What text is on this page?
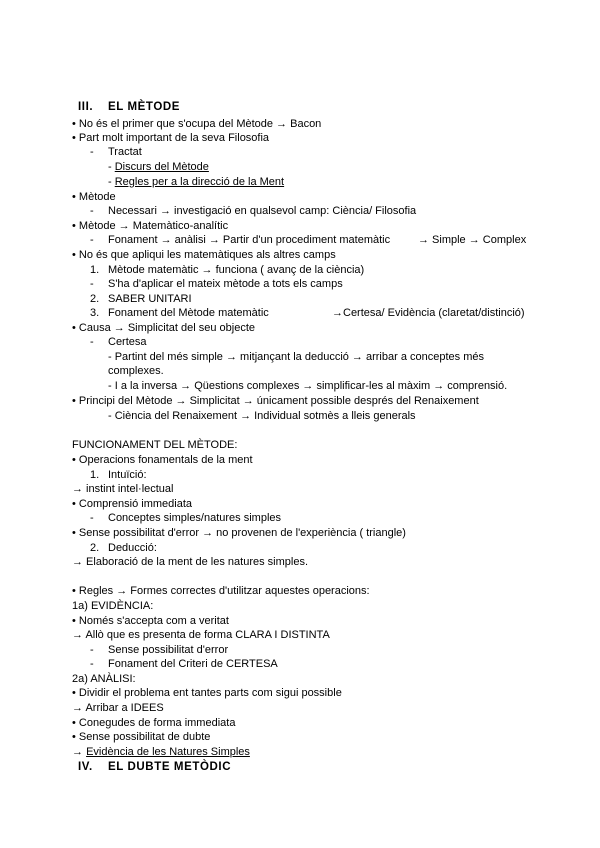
III. EL MÈTODE
• No és el primer que s'ocupa del Mètode → Bacon
• Part molt important de la seva Filosofia
- Tractat
- Discurs del Mètode
- Regles per a la direcció de la Ment
• Mètode
- Necessari → investigació en qualsevol camp: Ciència/ Filosofia
• Mètode → Matemàtico-analític
- Fonament → anàlisi → Partir d'un procediment matemàtic	→ Simple → Complex
• No és que apliqui les matemàtiques als altres camps
1. Mètode matemàtic → funciona ( avanç de la ciència)
- S'ha d'aplicar el mateix mètode a tots els camps
2. SABER UNITARI
3. Fonament del Mètode matemàtic	→Certesa/ Evidència (claretat/distinció)
• Causa → Simplicitat del seu objecte
- Certesa
- Partint del més simple → mitjançant la deducció → arribar a conceptes més
complexes.
- I a la inversa → Qüestions complexes → simplificar-les al màxim → comprensió.
• Principi del Mètode → Simplicitat → únicament possible després del Renaixement
- Ciència del Renaixement → Individual sotmès a lleis generals
FUNCIONAMENT DEL MÈTODE:
• Operacions fonamentals de la ment
1. Intuïció:
→ instint intel·lectual
• Comprensió immediata
- Conceptes simples/natures simples
• Sense possibilitat d'error → no provenen de l'experiència ( triangle)
2. Deducció:
→ Elaboració de la ment de les natures simples.
• Regles → Formes correctes d'utilitzar aquestes operacions:
1a) EVIDÈNCIA:
• Només s'accepta com a veritat
→ Allò que es presenta de forma CLARA I DISTINTA
- Sense possibilitat d'error
- Fonament del Criteri de CERTESA
2a) ANÀLISI:
• Dividir el problema ent tantes parts com sigui possible
→ Arribar a IDEES
• Conegudes de forma immediata
• Sense possibilitat de dubte
→ Evidència de les Natures Simples
IV. EL DUBTE METÒDIC
